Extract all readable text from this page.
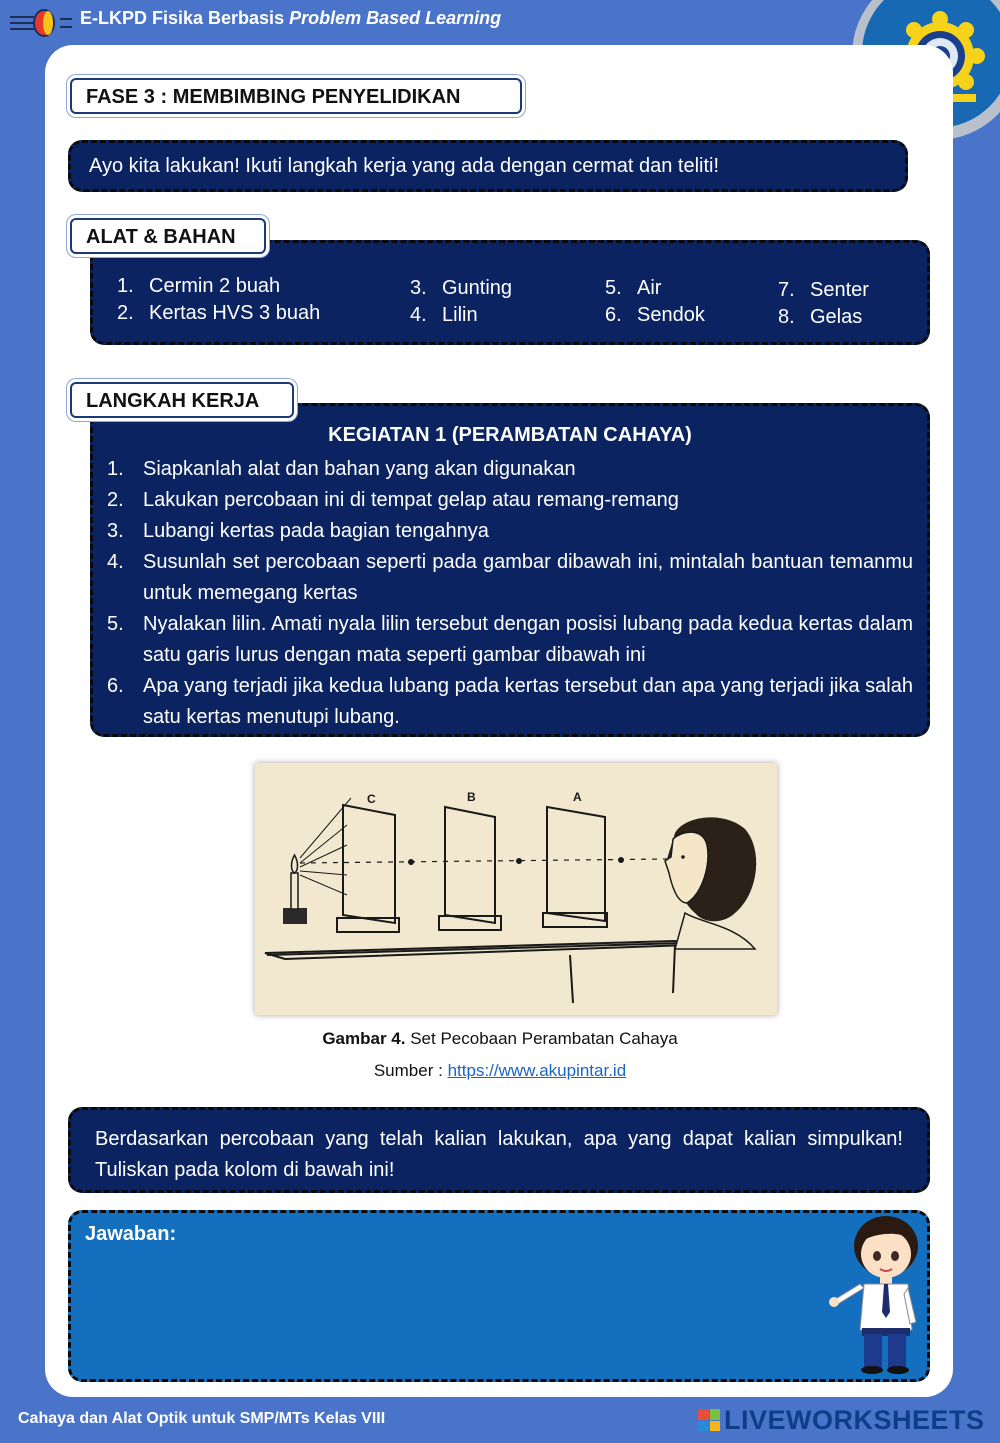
E-LKPD Fisika Berbasis Problem Based Learning
FASE 3 : MEMBIMBING PENYELIDIKAN
Ayo kita lakukan! Ikuti langkah kerja yang ada dengan cermat dan teliti!
ALAT & BAHAN
1. Cermin 2 buah
2. Kertas HVS 3 buah
3. Gunting
4. Lilin
5. Air
6. Sendok
7. Senter
8. Gelas
LANGKAH KERJA
KEGIATAN 1 (PERAMBATAN CAHAYA)
1. Siapkanlah alat dan bahan yang akan digunakan
2. Lakukan percobaan ini di tempat gelap atau remang-remang
3. Lubangi kertas pada bagian tengahnya
4. Susunlah set percobaan seperti pada gambar dibawah ini, mintalah bantuan temanmu untuk memegang kertas
5. Nyalakan lilin. Amati nyala lilin tersebut dengan posisi lubang pada kedua kertas dalam satu garis lurus dengan mata seperti gambar dibawah ini
6. Apa yang terjadi jika kedua lubang pada kertas tersebut dan apa yang terjadi jika salah satu kertas menutupi lubang.
C	B	A
Gambar 4. Set Pecobaan Perambatan Cahaya
Sumber : https://www.akupintar.id
Berdasarkan percobaan yang telah kalian lakukan, apa yang dapat kalian simpulkan! Tuliskan pada kolom di bawah ini!
Jawaban:
Cahaya dan Alat Optik untuk SMP/MTs Kelas VIII	LIVEWORKSHEETS
